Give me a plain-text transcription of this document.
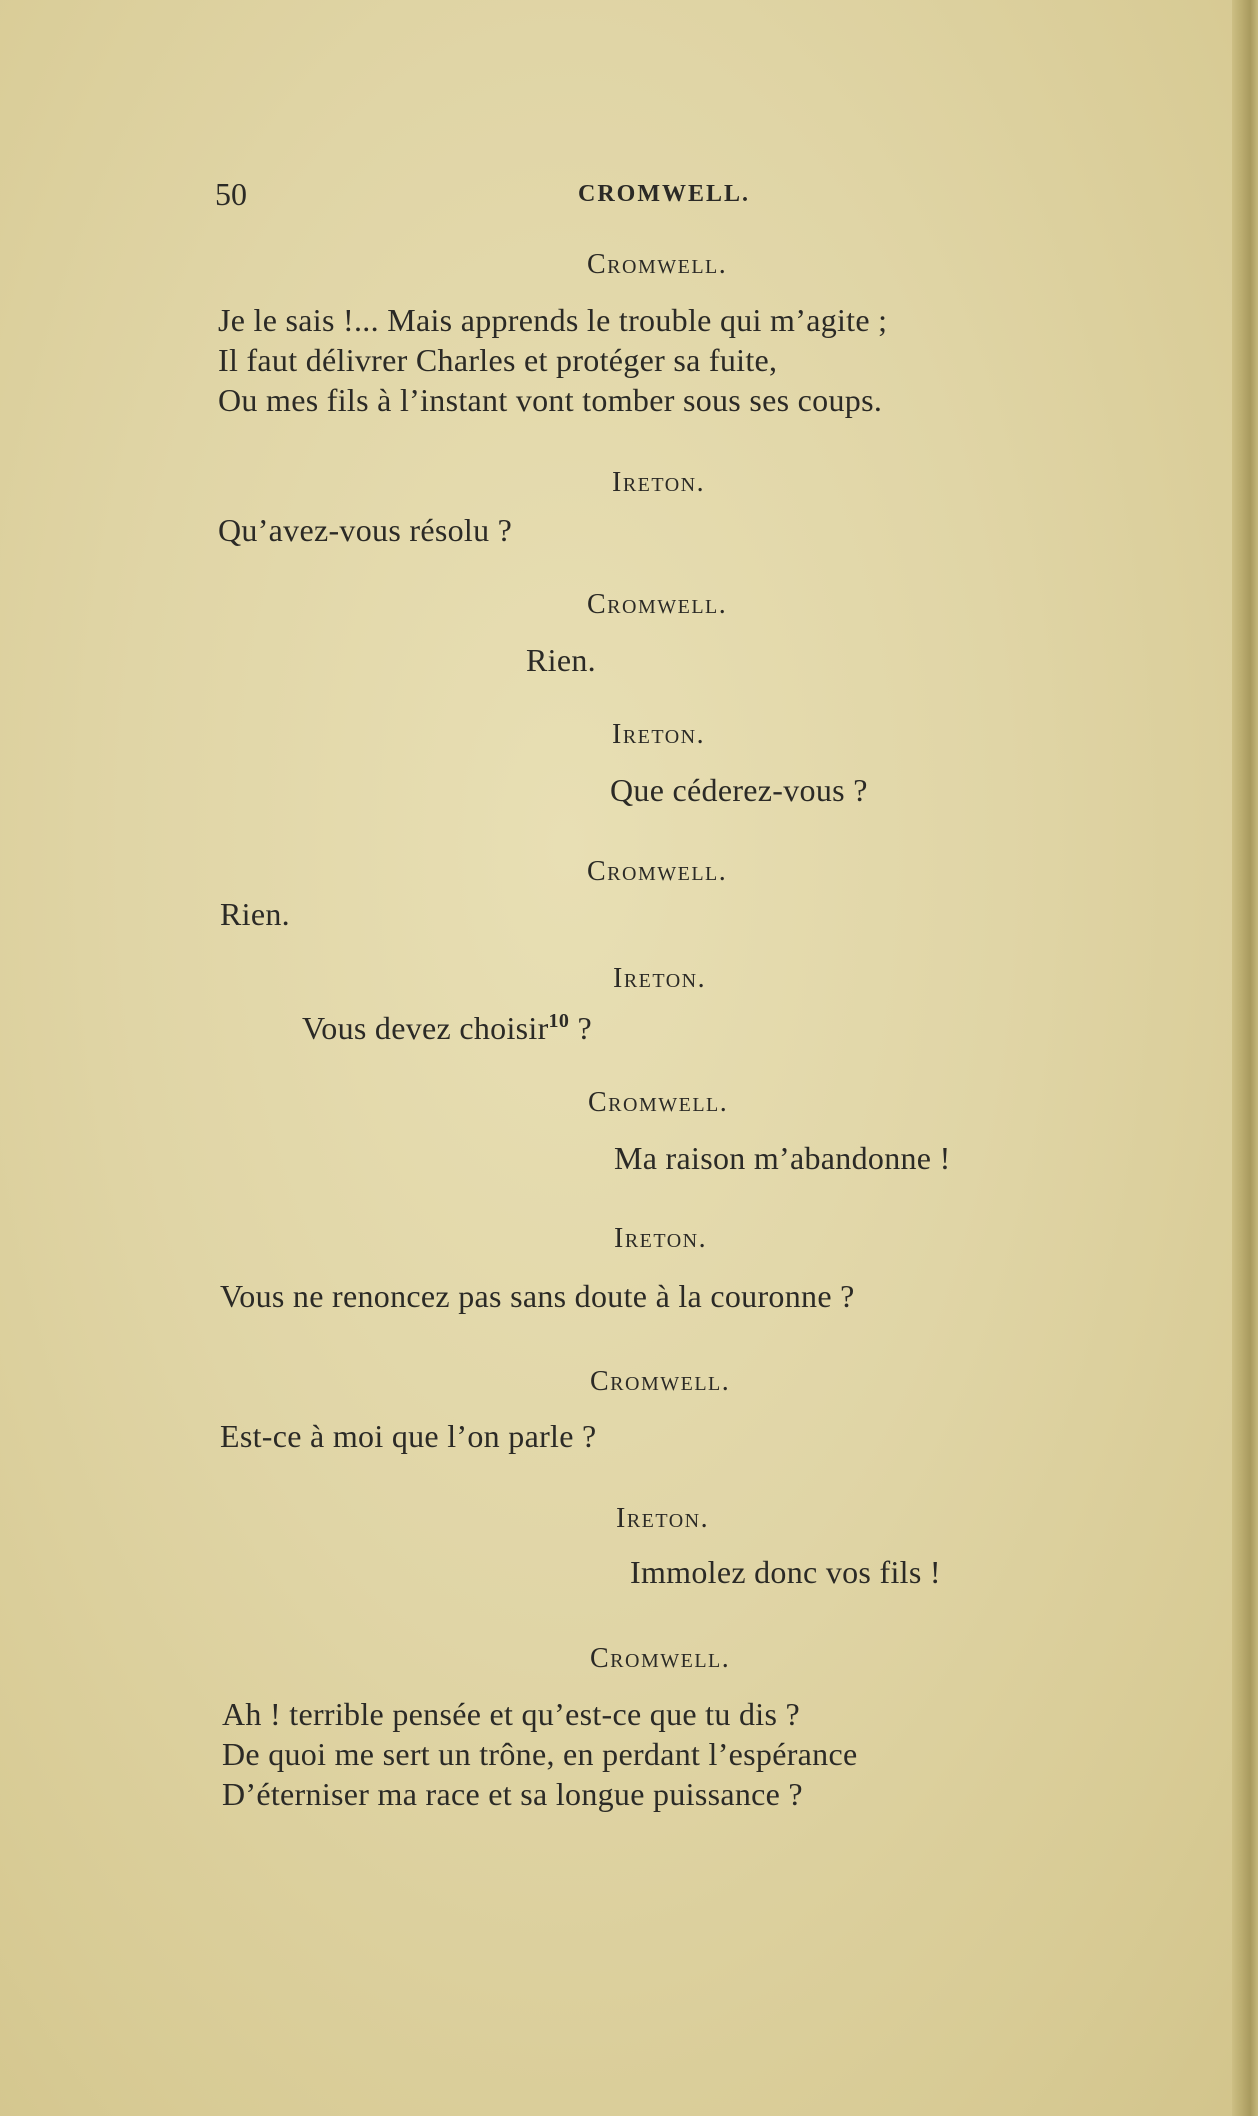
50	CROMWELL.
Cromwell.
Je le sais !... Mais apprends le trouble qui m’agite ;
Il faut délivrer Charles et protéger sa fuite,
Ou mes fils à l’instant vont tomber sous ses coups.
Ireton.
Qu’avez-vous résolu ?
Cromwell.
Rien.
Ireton.
Que céderez-vous ?
Cromwell.
Rien.
Ireton.
Vous devez choisir$^{10}$ ?
Cromwell.
Ma raison m’abandonne !
Ireton.
Vous ne renoncez pas sans doute à la couronne ?
Cromwell.
Est-ce à moi que l’on parle ?
Ireton.
Immolez donc vos fils !
Cromwell.
Ah ! terrible pensée et qu’est-ce que tu dis ?
De quoi me sert un trône, en perdant l’espérance
D’éterniser ma race et sa longue puissance ?
